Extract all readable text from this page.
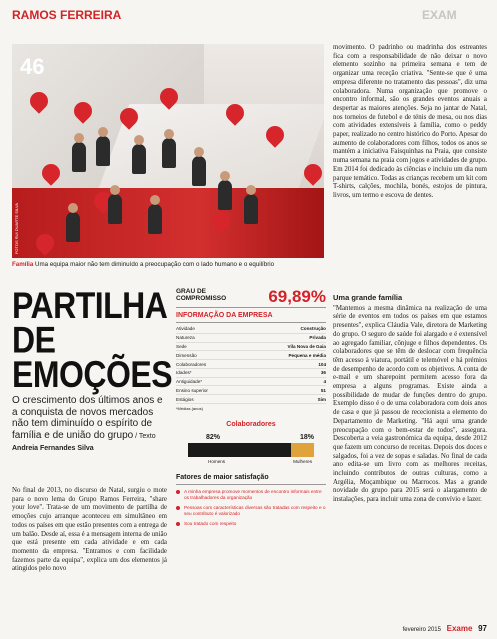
RAMOS FERREIRA	EXAM
46
FOTOS RUI DUARTE SILVA
Família Uma equipa maior não tem diminuído a preocupação com o lado humano e o equilíbrio
PARTILHA
DE
EMOÇÕES
O crescimento dos últimos anos e a conquista de novos mercados não tem diminuído o espírito de família e de união do grupo / Texto Andreia Fernandes Silva
No final de 2013, no discurso de Natal, surgiu o mote para o novo lema do Grupo Ramos Ferreira, "share your love". Trata-se de um movimento de partilha de emoções cujo arranque aconteceu em simultâneo em todos os países em que estão presentes com a entrega de um balão. Desde aí, essa é a mensagem interna de união que está presente em cada atividade e em cada momento da empresa. "Entramos e com facilidade fazemos parte da equipa", explica um dos elementos já atingidos pelo novo
GRAU DE COMPROMISSO	69,89%
INFORMAÇÃO DA EMPRESA
Atividade	Construção
Natureza	Privada
Sede	Vila Nova de Gaia
Dimensão	Pequena e média
Colaboradores	104
Idades*	36
Antiguidade*	4
Ensino superior	51
Estágios	Sim
*Médias (anos)
Colaboradores
82%	18%
Homens	Mulheres
Fatores de maior satisfação
A minha empresa promove momentos de encontro informais entre os trabalhadores da organização
Pessoas com características diversas são tratadas com respeito e o seu contributo é valorizado
Sou tratado com respeito
movimento. O padrinho ou madrinha dos estreantes fica com a responsabilidade de não deixar o novo elemento sozinho na primeira semana e tem de organizar uma receção criativa. "Sente-se que é uma empresa diferente no tratamento das pessoas", diz uma colaboradora. Numa organização que promove o encontro informal, são os grandes eventos anuais a despertar as maiores atenções. Seja no jantar de Natal, nos torneios de futebol e de ténis de mesa, ou nos dias com atividades extensíveis à família, como o peddy paper, realizado no centro histórico do Porto. Apesar do aumento de colaboradores com filhos, todos os anos se mantém a iniciativa Faisquinhas na Praia, que consiste numa semana na praia com jogos e atividades de grupo. Em 2014 foi dedicado às ciências e incluiu um dia num parque temático. Todas as crianças recebem um kit com T-shirts, calções, mochila, bonés, estojos de pintura, livros, um termo e escova de dentes.
Uma grande família
"Mantemos a mesma dinâmica na realização de uma série de eventos em todos os países em que estamos presentes", explica Cláudia Vale, diretora de Marketing do grupo. O seguro de saúde foi alargado e é extensível ao agregado familiar, cônjuge e filhos dependentes. Os colaboradores que se têm de deslocar com frequência têm acesso à viatura, portátil e telemóvel e há prémios de desempenho de acordo com os objetivos. A conta de e-mail e um sharepoint permitem acesso fora da empresa a alguns programas. Existe ainda a possibilidade de mudar de funções dentro do grupo. Exemplo disso é o de uma colaboradora com dois anos de casa e que já passou de rececionista a elemento do Departamento de Marketing. "Há aqui uma grande preocupação com o bem-estar de todos", assegura. Descoberta a veia gastronómica da equipa, desde 2012 que fazem um concurso de receitas. Depois dos doces e salgados, foi a vez de sopas e saladas. No final de cada ano edita-se um livro com as melhores receitas, incluindo contributos de outras culturas, como a Argélia, Moçambique ou Marrocos. Mas a grande novidade do grupo para 2015 será o alargamento de instalações, para incluir uma zona de convívio e lazer.
fevereiro 2015 Exame 97
